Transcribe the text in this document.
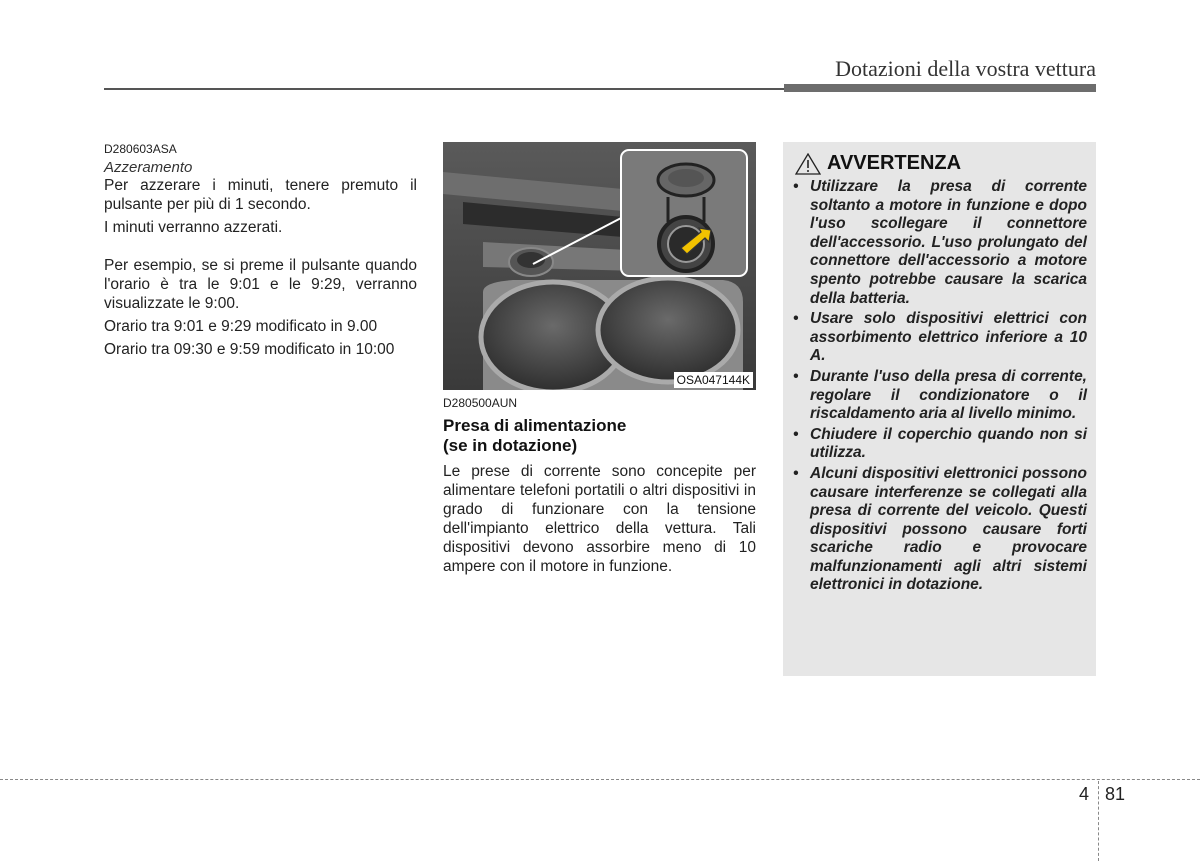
Dotazioni della vostra vettura

D280603ASA

Azzeramento

Per azzerare i minuti, tenere premuto il pulsante per più di 1 secondo.

I minuti verranno azzerati.

Per esempio, se si preme il pulsante quando l'orario è tra le 9:01 e le 9:29, verranno visualizzate le 9:00.

Orario tra 9:01 e 9:29 modificato in 9.00

Orario tra 09:30 e 9:59 modificato in 10:00

OSA047144K

D280500AUN

Presa di alimentazione
(se in dotazione)

Le prese di corrente sono concepite per alimentare telefoni portatili o altri dispositivi in grado di funzionare con la tensione dell'impianto elettrico della vettura. Tali dispositivi devono assorbire meno di 10 ampere con il motore in funzione.

AVVERTENZA
• Utilizzare la presa di corrente soltanto a motore in funzione e dopo l'uso scollegare il connettore dell'accessorio. L'uso prolungato del connettore dell'accessorio a motore spento potrebbe causare la scarica della batteria.
• Usare solo dispositivi elettrici con assorbimento elettrico inferiore a 10 A.
• Durante l'uso della presa di corrente, regolare il condizionatore o il riscaldamento aria al livello minimo.
• Chiudere il coperchio quando non si utilizza.
• Alcuni dispositivi elettronici possono causare interferenze se collegati alla presa di corrente del veicolo. Questi dispositivi possono causare forti scariche radio e provocare malfunzionamenti agli altri sistemi elettronici in dotazione.
4 81
